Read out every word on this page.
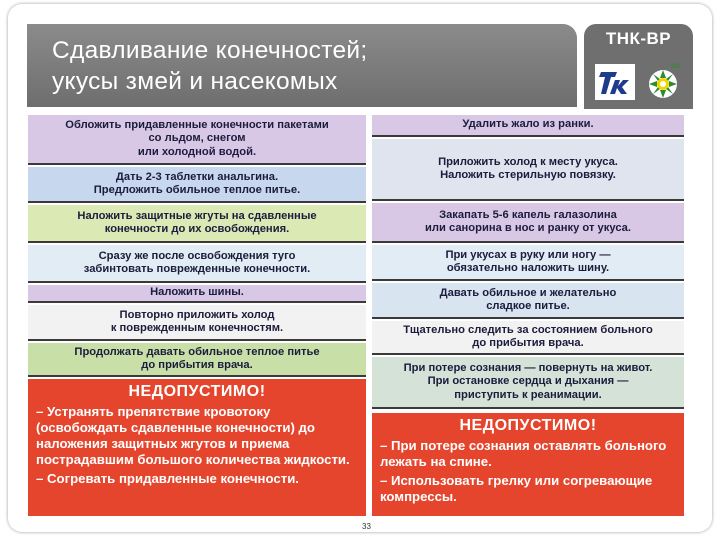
Сдавливание конечностей;
укусы змей и насекомых
ТНК-ВР
bp
Обложить придавленные конечности пакетами
со льдом, снегом
или холодной водой.
Дать 2-3 таблетки анальгина.
Предложить обильное теплое питье.
Наложить защитные жгуты на сдавленные
конечности до их освобождения.
Сразу же после освобождения туго
забинтовать поврежденные конечности.
Наложить шины.
Повторно приложить холод
к поврежденным конечностям.
Продолжать давать обильное теплое питье
до прибытия врача.
НЕДОПУСТИМО!
– Устранять препятствие кровотоку (освобождать сдавленные конечности) до наложения защитных жгутов и приема пострадавшим большого количества жидкости.
– Согревать придавленные конечности.
Удалить жало из ранки.
Приложить холод к месту укуса.
Наложить стерильную повязку.
Закапать 5-6 капель галазолина
или санорина в нос и ранку от укуса.
При укусах в руку или ногу —
обязательно наложить шину.
Давать обильное и желательно
сладкое питье.
Тщательно следить за состоянием больного
до прибытия врача.
При потере сознания — повернуть на живот.
При остановке сердца и дыхания —
приступить к реанимации.
НЕДОПУСТИМО!
– При потере сознания оставлять больного лежать на спине.
– Использовать грелку или согревающие компрессы.
33
